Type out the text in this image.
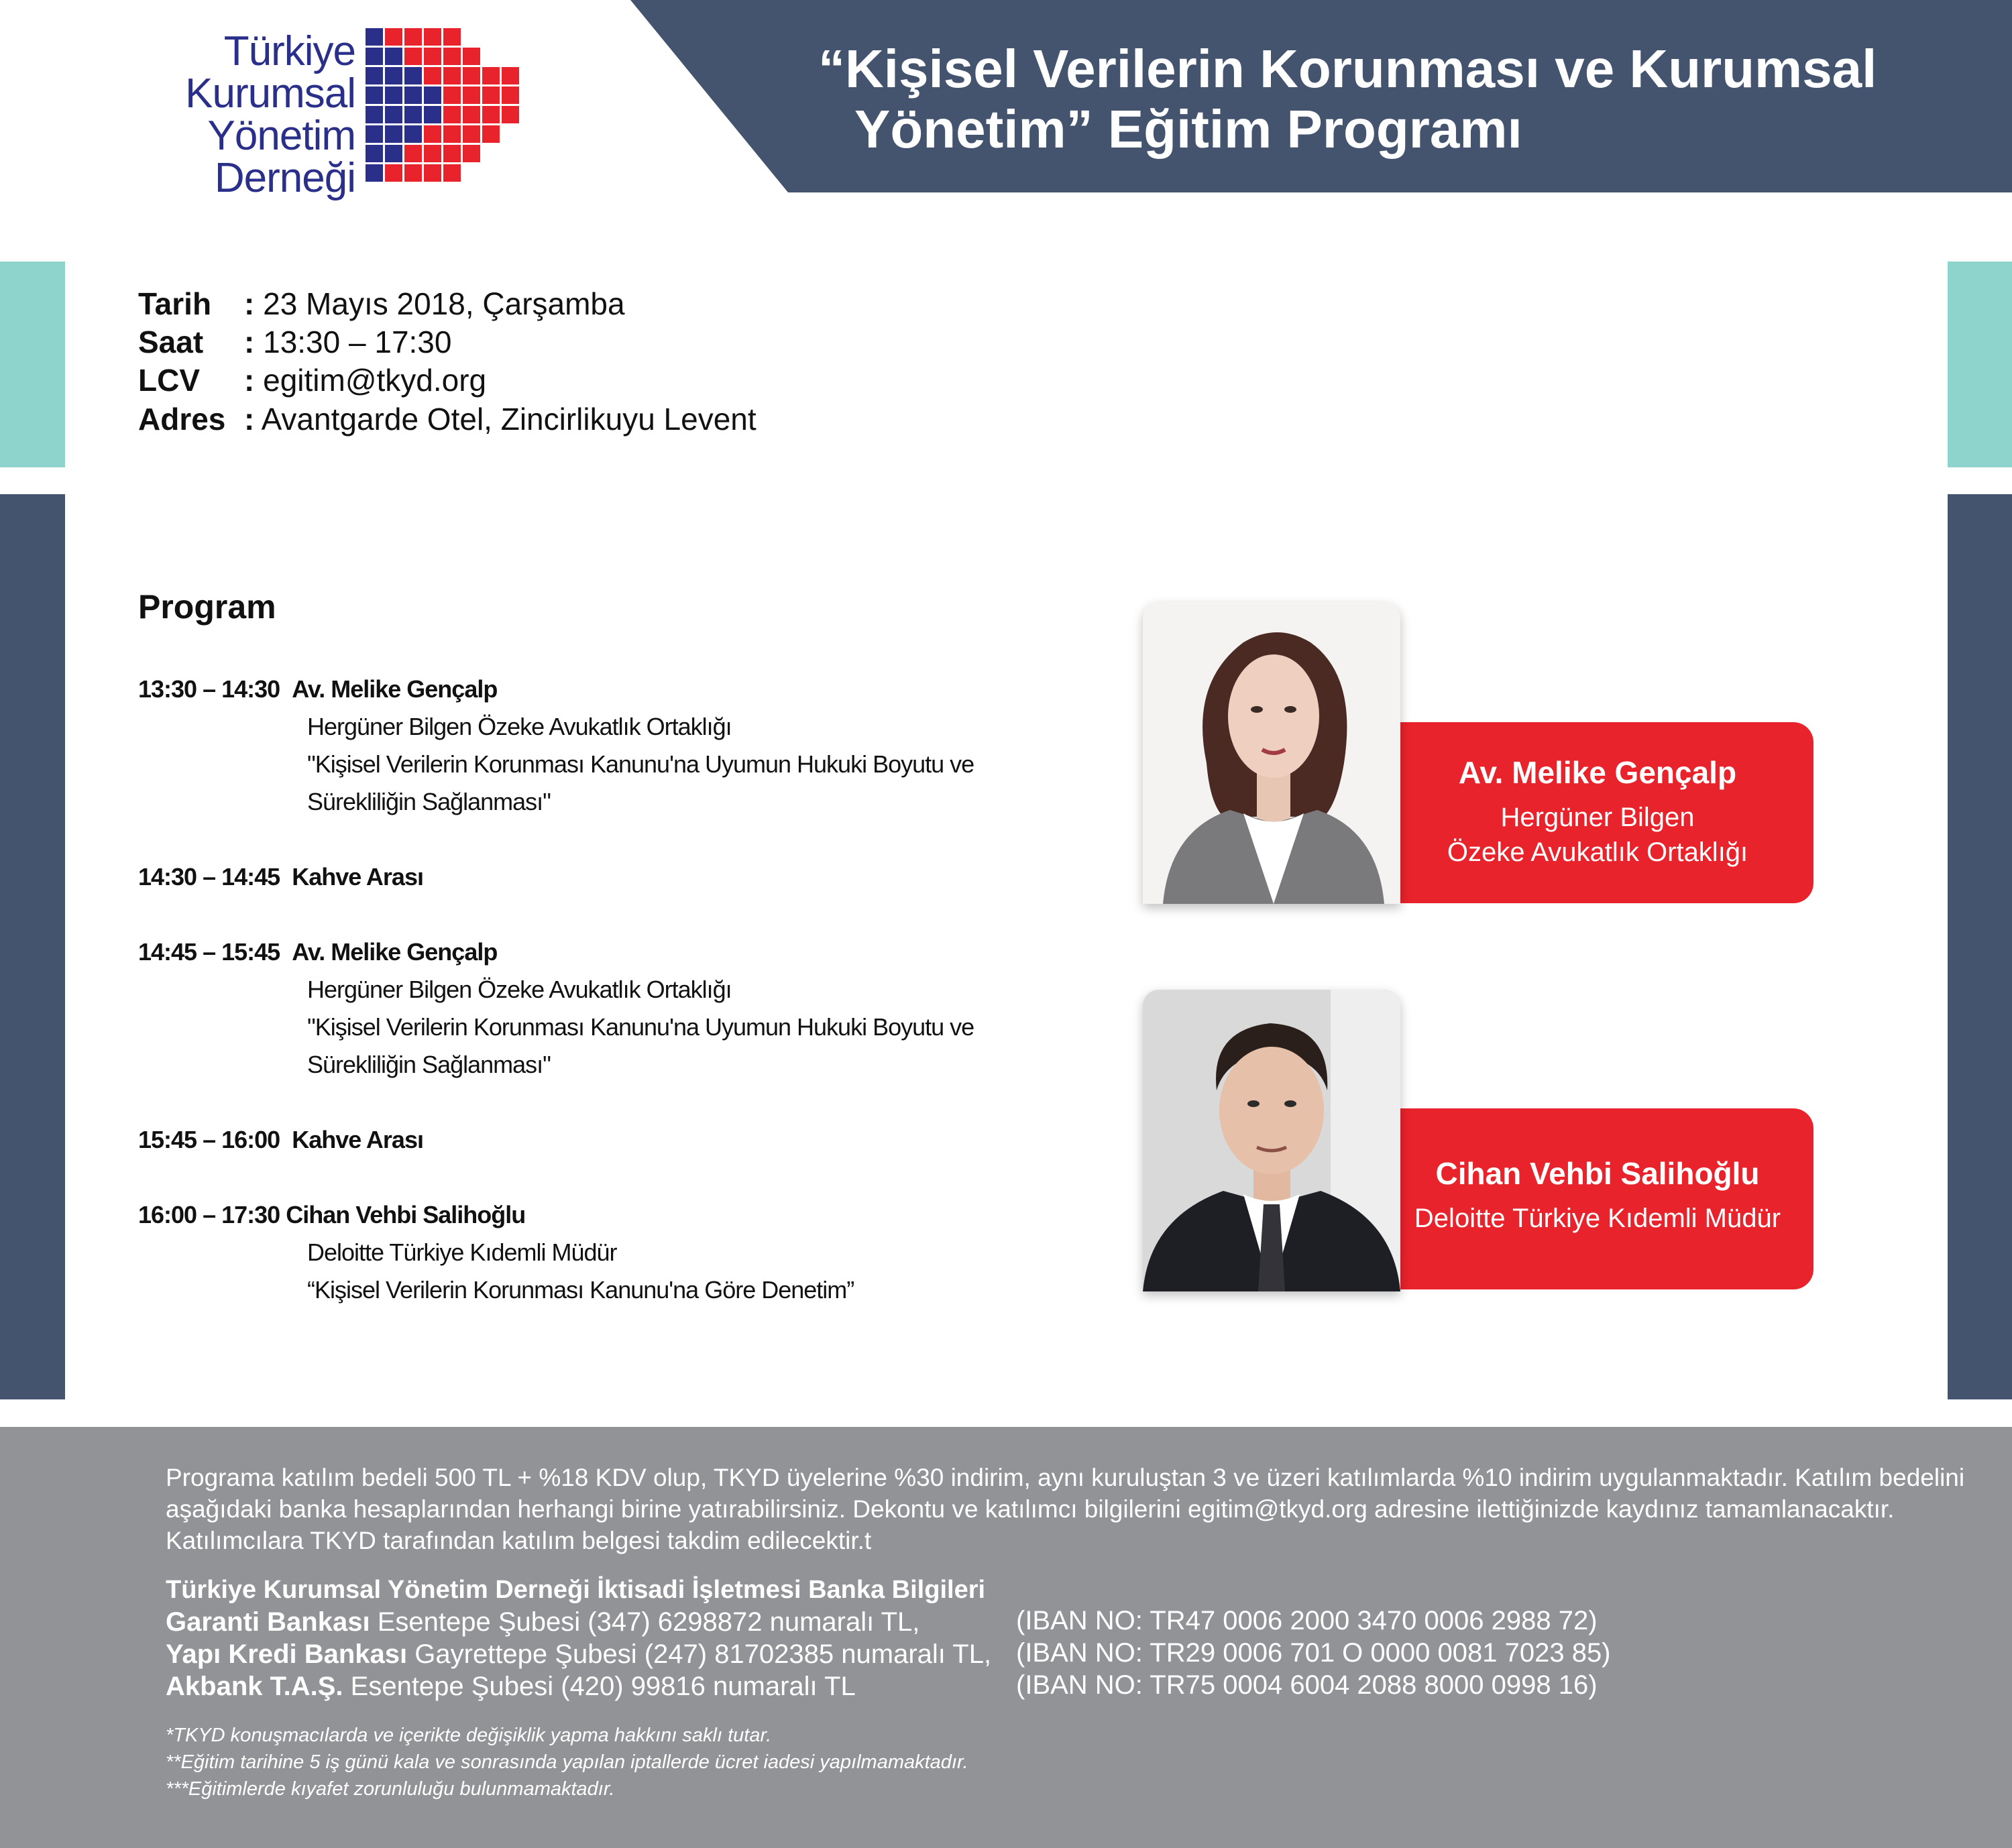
“Kişisel Verilerin Korunması ve Kurumsal
Yönetim” Eğitim Programı
Türkiye
Kurumsal
Yönetim
Derneği
Tarih : 23 Mayıs 2018, Çarşamba
Saat : 13:30 – 17:30
LCV : egitim@tkyd.org
Adres : Avantgarde Otel, Zincirlikuyu Levent
Program
13:30 – 14:30 Av. Melike Gençalp
Hergüner Bilgen Özeke Avukatlık Ortaklığı
"Kişisel Verilerin Korunması Kanunu'na Uyumun Hukuki Boyutu ve
Sürekliliğin Sağlanması"
14:30 – 14:45 Kahve Arası
14:45 – 15:45 Av. Melike Gençalp
Hergüner Bilgen Özeke Avukatlık Ortaklığı
"Kişisel Verilerin Korunması Kanunu'na Uyumun Hukuki Boyutu ve
Sürekliliğin Sağlanması"
15:45 – 16:00 Kahve Arası
16:00 – 17:30 Cihan Vehbi Salihoğlu
Deloitte Türkiye Kıdemli Müdür
“Kişisel Verilerin Korunması Kanunu'na Göre Denetim”
Av. Melike Gençalp
Hergüner Bilgen
Özeke Avukatlık Ortaklığı
Cihan Vehbi Salihoğlu
Deloitte Türkiye Kıdemli Müdür
Programa katılım bedeli 500 TL + %18 KDV olup, TKYD üyelerine %30 indirim, aynı kuruluştan 3 ve üzeri katılımlarda %10 indirim uygulanmaktadır. Katılım bedelini aşağıdaki banka hesaplarından herhangi birine yatırabilirsiniz. Dekontu ve katılımcı bilgilerini egitim@tkyd.org adresine ilettiğinizde kaydınız tamamlanacaktır. Katılımcılara TKYD tarafından katılım belgesi takdim edilecektir.t
Türkiye Kurumsal Yönetim Derneği İktisadi İşletmesi Banka Bilgileri
Garanti Bankası Esentepe Şubesi (347) 6298872 numaralı TL,	(IBAN NO: TR47 0006 2000 3470 0006 2988 72)
Yapı Kredi Bankası Gayrettepe Şubesi (247) 81702385 numaralı TL, (IBAN NO: TR29 0006 701 O 0000 0081 7023 85)
Akbank T.A.Ş. Esentepe Şubesi (420) 99816 numaralı TL	(IBAN NO: TR75 0004 6004 2088 8000 0998 16)
*TKYD konuşmacılarda ve içerikte değişiklik yapma hakkını saklı tutar.
**Eğitim tarihine 5 iş günü kala ve sonrasında yapılan iptallerde ücret iadesi yapılmamaktadır.
***Eğitimlerde kıyafet zorunluluğu bulunmamaktadır.
